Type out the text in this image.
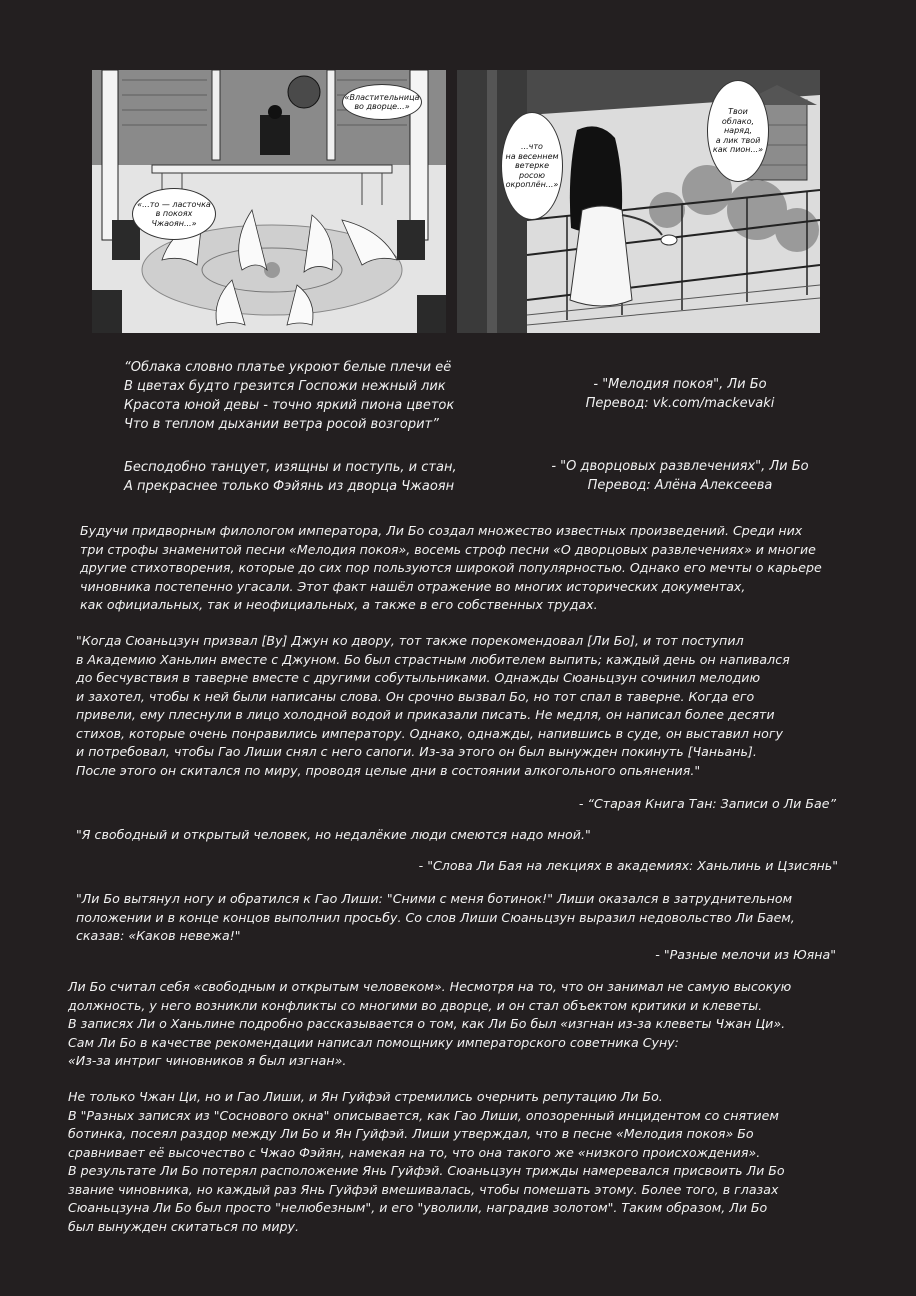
«Властительница
во дворце...»
«...то — ласточка
в покоях
Чжаоян...»
...что
на весеннем
ветерке
росою
окроплён...»
Твои
облако,
наряд,
а лик твой
как пион...»
“Облака словно платье укроют белые плечи её
В цветах будто грезится Госпожи нежный лик
Красота юной девы - точно яркий пиона цветок
Что в теплом дыхании ветра росой возгорит”
- "Мелодия покоя", Ли Бо
Перевод: vk.com/mackevaki
Бесподобно танцует, изящны и поступь, и стан,
А прекраснее только Фэйянь из дворца Чжаоян
- "О дворцовых развлечениях", Ли Бо
Перевод: Алёна Алексеева
Будучи придворным филологом императора, Ли Бо создал множество известных произведений. Среди них
три строфы знаменитой песни «Мелодия покоя», восемь строф песни «О дворцовых развлечениях» и многие
другие стихотворения, которые до сих пор пользуются широкой популярностью. Однако его мечты о карьере
чиновника постепенно угасали. Этот факт нашёл отражение во многих исторических документах,
как официальных, так и неофициальных, а также в его собственных трудах.
"Когда Сюаньцзун призвал [Ву] Джун ко двору, тот также порекомендовал [Ли Бо], и тот поступил
в Академию Ханьлин вместе с Джуном. Бо был страстным любителем выпить; каждый день он напивался
до бесчувствия в таверне вместе с другими собутыльниками. Однажды Сюаньцзун сочинил мелодию
и захотел, чтобы к ней были написаны слова. Он срочно вызвал Бо, но тот спал в таверне. Когда его
привели, ему плеснули в лицо холодной водой и приказали писать. Не медля, он написал более десяти
стихов, которые очень понравились императору. Однако, однажды, напившись в суде, он выставил ногу
и потребовал, чтобы Гао Лиши снял с него сапоги. Из-за этого он был вынужден покинуть [Чаньань].
После этого он скитался по миру, проводя целые дни в состоянии алкогольного опьянения."
- “Старая Книга Тан: Записи о Ли Бае”
"Я свободный и открытый человек, но недалёкие люди смеются надо мной."
- "Слова Ли Бая на лекциях в академиях: Ханьлинь и Цзисянь"
"Ли Бо вытянул ногу и обратился к Гао Лиши: "Сними с меня ботинок!" Лиши оказался в затруднительном
положении и в конце концов выполнил просьбу. Со слов Лиши Сюаньцзун выразил недовольство Ли Баем,
сказав: «Каков невежа!"
- "Разные мелочи из Юяна"
Ли Бо считал себя «свободным и открытым человеком». Несмотря на то, что он занимал не самую высокую
должность, у него возникли конфликты со многими во дворце, и он стал объектом критики и клеветы.
В записях Ли о Ханьлине подробно рассказывается о том, как Ли Бо был «изгнан из-за клеветы Чжан Ци».
Сам Ли Бо в качестве рекомендации написал помощнику императорского советника Суну:
«Из-за интриг чиновников я был изгнан».
Не только Чжан Ци, но и Гао Лиши, и Ян Гуйфэй стремились очернить репутацию Ли Бо.
В "Разных записях из "Соснового окна" описывается, как Гао Лиши, опозоренный инцидентом со снятием
ботинка, посеял раздор между Ли Бо и Ян Гуйфэй. Лиши утверждал, что в песне «Мелодия покоя» Бо
сравнивает её высочество с Чжао Фэйян, намекая на то, что она такого же «низкого происхождения».
В результате Ли Бо потерял расположение Янь Гуйфэй. Сюаньцзун трижды намеревался присвоить Ли Бо
звание чиновника, но каждый раз Янь Гуйфэй вмешивалась, чтобы помешать этому. Более того, в глазах
Сюаньцзуна Ли Бо был просто "нелюбезным", и его "уволили, наградив золотом". Таким образом, Ли Бо
был вынужден скитаться по миру.
